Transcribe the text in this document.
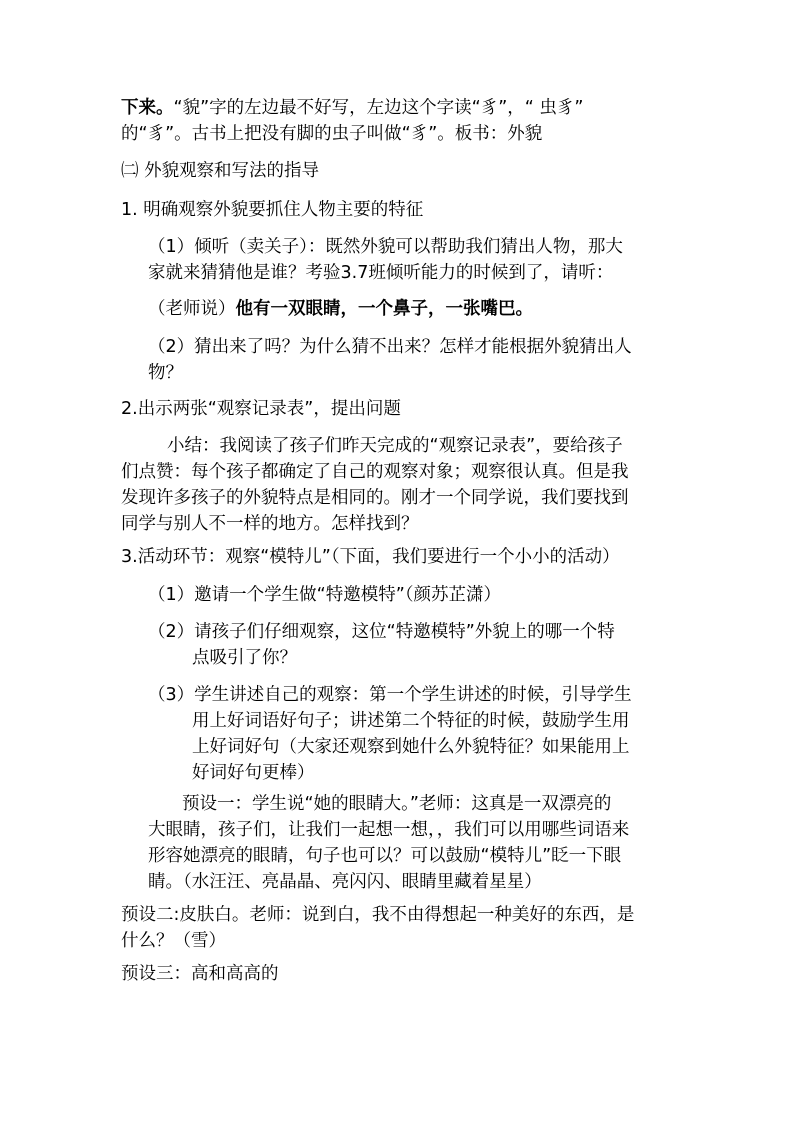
下来。“貌”字的左边最不好写，左边这个字读“豸”，“ 虫豸”
的“豸”。古书上把没有脚的虫子叫做“豸”。板书：外貌
㈡ 外貌观察和写法的指导
1. 明确观察外貌要抓住人物主要的特征
（1）倾听（卖关子）：既然外貌可以帮助我们猜出人物，那大
家就来猜猜他是谁？考验3.7班倾听能力的时候到了，请听：
（老师说）他有一双眼睛，一个鼻子，一张嘴巴。
（2）猜出来了吗？为什么猜不出来？怎样才能根据外貌猜出人
物？
2.出示两张“观察记录表”，提出问题
小结：我阅读了孩子们昨天完成的“观察记录表”，要给孩子
们点赞：每个孩子都确定了自己的观察对象；观察很认真。但是我
发现许多孩子的外貌特点是相同的。刚才一个同学说，我们要找到
同学与别人不一样的地方。怎样找到？
3.活动环节：观察“模特儿”（下面，我们要进行一个小小的活动）
（1）邀请一个学生做“特邀模特”（颜苏芷潇）
（2）请孩子们仔细观察，这位“特邀模特”外貌上的哪一个特
点吸引了你？
（3）学生讲述自己的观察：第一个学生讲述的时候，引导学生
用上好词语好句子；讲述第二个特征的时候，鼓励学生用
上好词好句（大家还观察到她什么外貌特征？如果能用上
好词好句更棒）
预设一：学生说“她的眼睛大。”老师：这真是一双漂亮的
大眼睛，孩子们，让我们一起想一想，，我们可以用哪些词语来
形容她漂亮的眼睛，句子也可以？可以鼓励“模特儿”眨一下眼
睛。（水汪汪、亮晶晶、亮闪闪、眼睛里藏着星星）
预设二:皮肤白。老师：说到白，我不由得想起一种美好的东西，是
什么？（雪）
预设三：高和高高的
